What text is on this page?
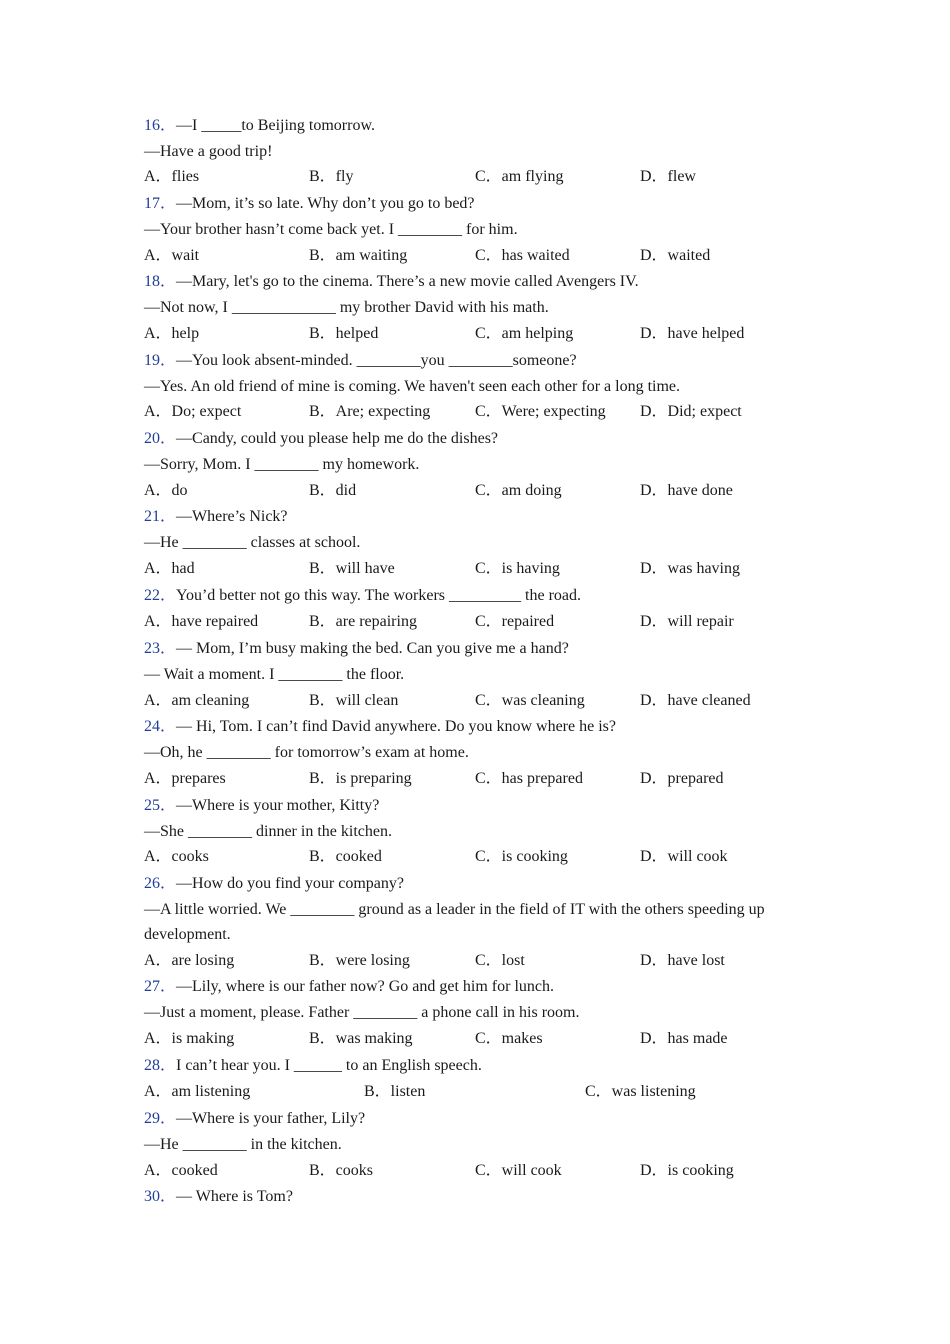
16．—I _____to Beijing tomorrow.
—Have a good trip!
A．flies	B．fly	C．am flying	D．flew
17．—Mom, it’s so late. Why don’t you go to bed?
—Your brother hasn’t come back yet. I ________ for him.
A．wait	B．am waiting	C．has waited	D．waited
18．—Mary, let's go to the cinema. There’s a new movie called Avengers IV.
—Not now, I _____________ my brother David with his math.
A．help	B．helped	C．am helping	D．have helped
19．—You look absent-minded. ________you ________someone?
—Yes. An old friend of mine is coming. We haven't seen each other for a long time.
A．Do; expect	B．Are; expecting	C．Were; expecting D．Did; expect
20．—Candy, could you please help me do the dishes?
—Sorry, Mom. I ________ my homework.
A．do	B．did	C．am doing	D．have done
21．—Where’s Nick?
—He ________ classes at school.
A．had	B．will have	C．is having	D．was having
22．You’d better not go this way. The workers _________ the road.
A．have repaired	B．are repairing	C．repaired	D．will repair
23．— Mom, I’m busy making the bed. Can you give me a hand?
— Wait a moment. I ________ the floor.
A．am cleaning	B．will clean	C．was cleaning	D．have cleaned
24．— Hi, Tom. I can’t find David anywhere. Do you know where he is?
—Oh, he ________ for tomorrow’s exam at home.
A．prepares	B．is preparing	C．has prepared	D．prepared
25．—Where is your mother, Kitty?
—She ________ dinner in the kitchen.
A．cooks	B．cooked	C．is cooking	D．will cook
26．—How do you find your company?
—A little worried. We ________ ground as a leader in the field of IT with the others speeding up
development.
A．are losing	B．were losing	C．lost	D．have lost
27．—Lily, where is our father now? Go and get him for lunch.
—Just a moment, please. Father ________ a phone call in his room.
A．is making	B．was making	C．makes	D．has made
28．I can’t hear you. I ______ to an English speech.
A．am listening	B．listen	C．was listening
29．—Where is your father, Lily?
—He ________ in the kitchen.
A．cooked	B．cooks	C．will cook	D．is cooking
30．— Where is Tom?
